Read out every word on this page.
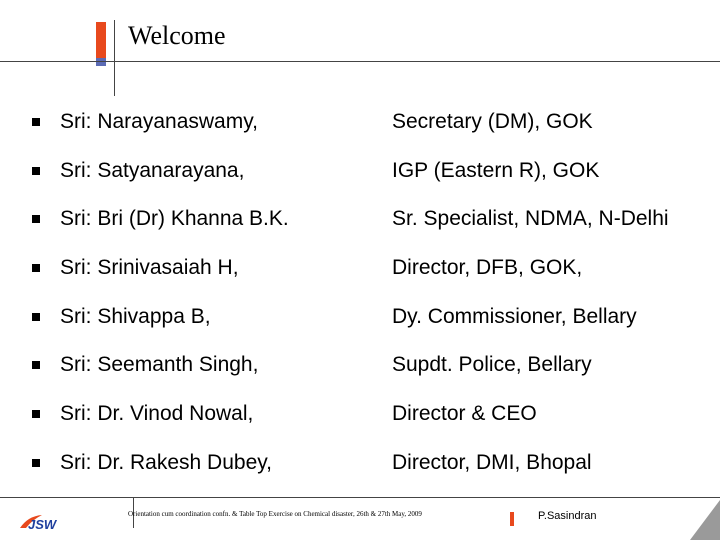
Welcome
Sri: Narayanaswamy,	Secretary (DM), GOK
Sri: Satyanarayana,	IGP (Eastern R), GOK
Sri: Bri (Dr) Khanna B.K.	Sr. Specialist, NDMA, N-Delhi
Sri: Srinivasaiah H,	Director, DFB, GOK,
Sri: Shivappa B,	Dy. Commissioner, Bellary
Sri: Seemanth Singh,	Supdt. Police, Bellary
Sri: Dr. Vinod Nowal,	Director & CEO
Sri: Dr. Rakesh Dubey,	Director, DMI, Bhopal
JSW
Orientation cum coordination confn. & Table Top Exercise on Chemical disaster, 26th & 27th May, 2009	P.Sasindran
